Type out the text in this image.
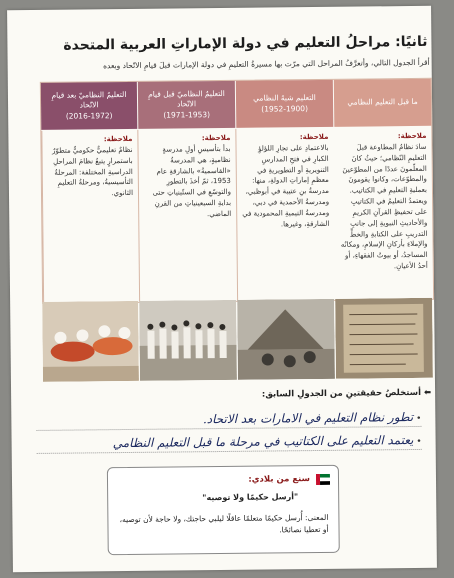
ثانيًا: مراحلُ التعليم في دولة الإماراتِ العربية المتحدة
أقرأ الجدول التالي، وأتعرَّفُ المراحل التي مرّت بها مسيرةُ التعليمِ في دولة الإمارات قبلَ قيامِ الاتّحاد وبعده
ما قبل التعليم النظامي
التعليم شبهُ النظامي
(1952-1900)
التعليمُ النظاميّ قبل قيامِ الاتّحاد
(1971-1953)
التعليمُ النظاميّ بعد قيامِ الاتّحاد
(2016-1972)
ملاحظة:
سادَ نظامُ المطاوعة قبلَ التعليمِ النّظامي؛ حيثُ كانَ المعلّمونَ عددًا من المطوّعينَ والمطوّعات، وكانوا يقومونَ بعمليةِ التعليمِ في الكتاتيب. ويعتمدُ التعليمُ في الكتاتيبِ على تحفيظِ القرآنِ الكريمِ والأحاديثِ النبويةِ إلى جانبِ التدريبِ على الكتابةِ والخطِّ والإملاءِ بأركانِ الإسلامِ، ومكانُه المساجدُ، أو بيوتُ الفقهاءِ، أو أحدُ الأعيانِ.
ملاحظة:
بالاعتمادِ على تجارِ اللؤلؤِ الكبارِ في فتحِ المدارسِ التنويريةِ أو التطويريةِ في معظمِ إماراتِ الدولةِ، منها: مدرسةُ بنِ عتيبة في أبوظبي، ومدرسةُ الأحمدية في دبي، ومدرسةُ التيميةِ المحمودية في الشارقةِ، وغيرها.
ملاحظة:
بدأ بتأسيسِ أولِ مدرسةٍ نظاميةٍ، هي المدرسةُ «القاسميةُ» بالشارقةِ عام 1953، ثمّ أخذَ بالتطورِ والتوسّعِ في الستّينياتِ حتى بدايةِ السبعينياتِ من القرنِ الماضي.
ملاحظة:
نظامٌ تعليميٌّ حكوميٌّ متطوّرٌ باستمرارٍ يتبعُ نظامَ المراحلِ الدراسيةِ المختلفة: المرحلةُ التأسيسيةُ، ومرحلةُ التعليمِ الثانوي.
⬅ أستخلصُ حقيقتينِ من الجدولِ السابق:
• تطور نظام التعليم في الامارات بعد الاتحاد.
• يعتمد التعليم على الكتاتيب في مرحلة ما قبل التعليم النظامي
سنع من بلادي:
"أرسل حكيمًا ولا توصيه"
المعنى: أُرسل حكيمًا متعلمًا عاقلًا ليلبي حاجتك، ولا حاجة لأن توصيه، أو تعطيا نصائحًا.
